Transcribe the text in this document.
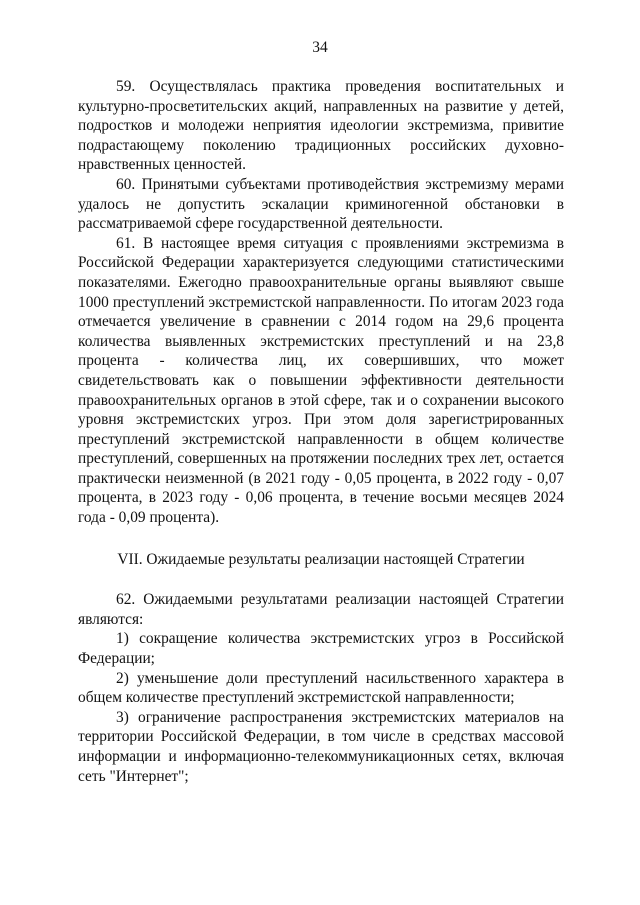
34

59. Осуществлялась практика проведения воспитательных и культурно-просветительских акций, направленных на развитие у детей, подростков и молодежи неприятия идеологии экстремизма, привитие подрастающему поколению традиционных российских духовно-нравственных ценностей.

60. Принятыми субъектами противодействия экстремизму мерами удалось не допустить эскалации криминогенной обстановки в рассматриваемой сфере государственной деятельности.

61. В настоящее время ситуация с проявлениями экстремизма в Российской Федерации характеризуется следующими статистическими показателями. Ежегодно правоохранительные органы выявляют свыше 1000 преступлений экстремистской направленности. По итогам 2023 года отмечается увеличение в сравнении с 2014 годом на 29,6 процента количества выявленных экстремистских преступлений и на 23,8 процента - количества лиц, их совершивших, что может свидетельствовать как о повышении эффективности деятельности правоохранительных органов в этой сфере, так и о сохранении высокого уровня экстремистских угроз. При этом доля зарегистрированных преступлений экстремистской направленности в общем количестве преступлений, совершенных на протяжении последних трех лет, остается практически неизменной (в 2021 году - 0,05 процента, в 2022 году - 0,07 процента, в 2023 году - 0,06 процента, в течение восьми месяцев 2024 года - 0,09 процента).

VII. Ожидаемые результаты реализации настоящей Стратегии

62. Ожидаемыми результатами реализации настоящей Стратегии являются:

1) сокращение количества экстремистских угроз в Российской Федерации;

2) уменьшение доли преступлений насильственного характера в общем количестве преступлений экстремистской направленности;

3) ограничение распространения экстремистских материалов на территории Российской Федерации, в том числе в средствах массовой информации и информационно-телекоммуникационных сетях, включая сеть "Интернет";
